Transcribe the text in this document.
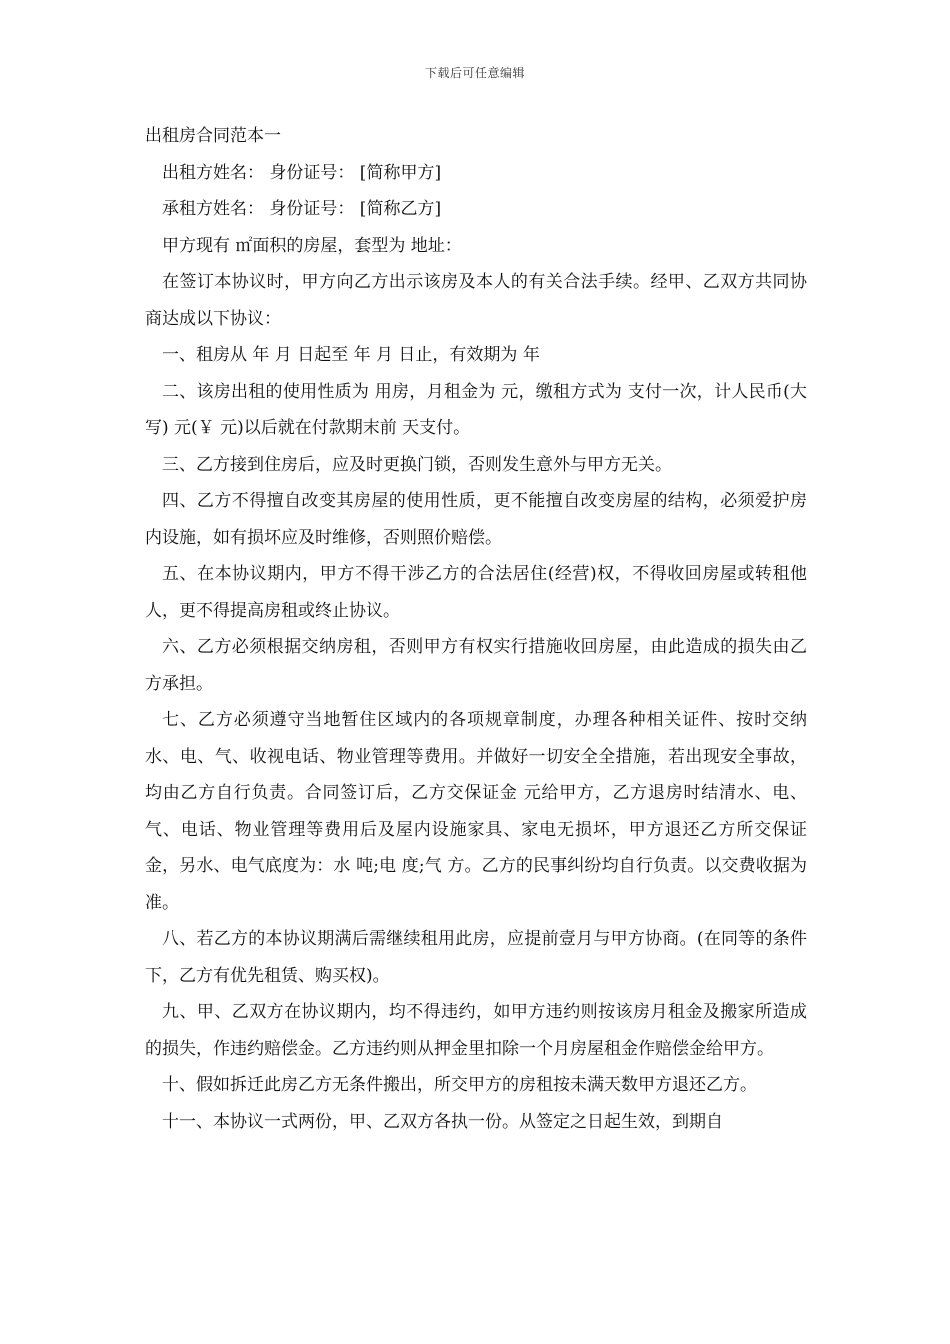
下载后可任意编辑

出租房合同范本一

出租方姓名： 身份证号： [简称甲方]

承租方姓名： 身份证号： [简称乙方]

甲方现有 ㎡面积的房屋，套型为 地址：

在签订本协议时，甲方向乙方出示该房及本人的有关合法手续。经甲、乙双方共同协商达成以下协议：

一、租房从 年 月 日起至 年 月 日止，有效期为 年

二、该房出租的使用性质为 用房，月租金为 元，缴租方式为 支付一次，计人民币(大写) 元(￥ 元)以后就在付款期末前 天支付。

三、乙方接到住房后，应及时更换门锁，否则发生意外与甲方无关。

四、乙方不得擅自改变其房屋的使用性质，更不能擅自改变房屋的结构，必须爱护房内设施，如有损坏应及时维修，否则照价赔偿。

五、在本协议期内，甲方不得干涉乙方的合法居住(经营)权，不得收回房屋或转租他人，更不得提高房租或终止协议。

六、乙方必须根据交纳房租，否则甲方有权实行措施收回房屋，由此造成的损失由乙方承担。

七、乙方必须遵守当地暂住区域内的各项规章制度，办理各种相关证件、按时交纳水、电、气、收视电话、物业管理等费用。并做好一切安全全措施，若出现安全事故，均由乙方自行负责。合同签订后，乙方交保证金 元给甲方，乙方退房时结清水、电、气、电话、物业管理等费用后及屋内设施家具、家电无损坏，甲方退还乙方所交保证金，另水、电气底度为：水 吨;电 度;气 方。乙方的民事纠纷均自行负责。以交费收据为准。

八、若乙方的本协议期满后需继续租用此房，应提前壹月与甲方协商。(在同等的条件下，乙方有优先租赁、购买权)。

九、甲、乙双方在协议期内，均不得违约，如甲方违约则按该房月租金及搬家所造成的损失，作违约赔偿金。乙方违约则从押金里扣除一个月房屋租金作赔偿金给甲方。

十、假如拆迁此房乙方无条件搬出，所交甲方的房租按未满天数甲方退还乙方。

十一、本协议一式两份，甲、乙双方各执一份。从签定之日起生效，到期自
